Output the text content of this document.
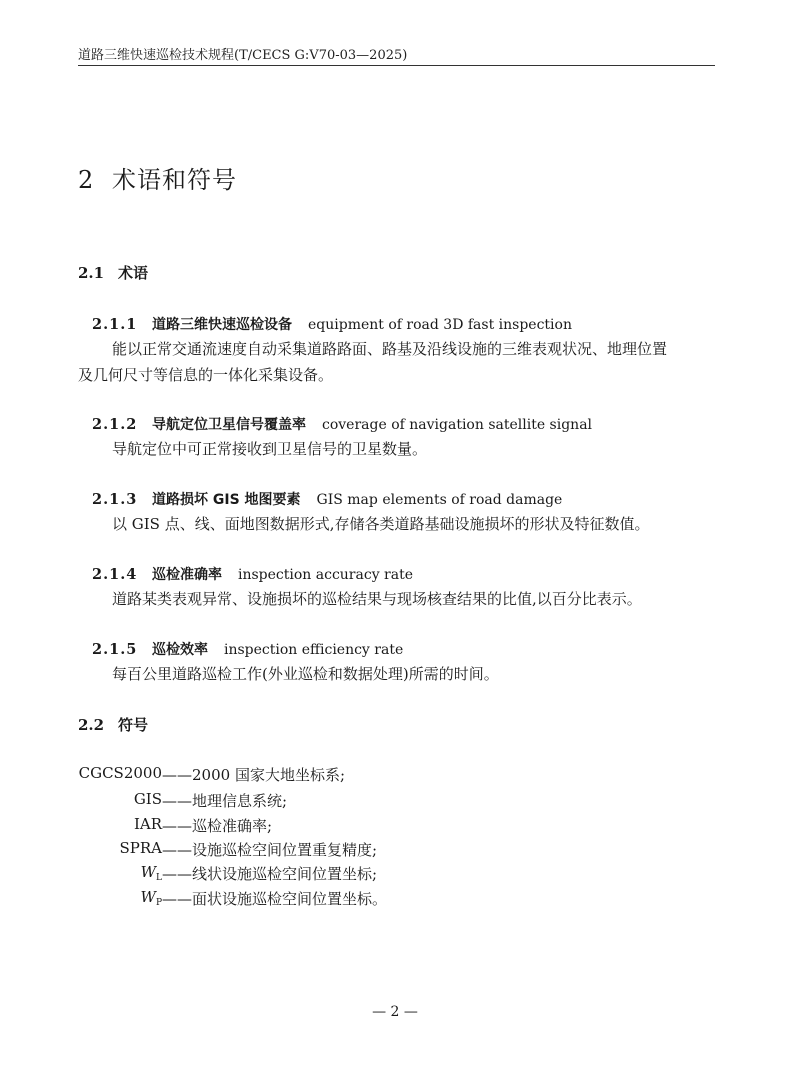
道路三维快速巡检技术规程(T/CECS G:V70-03—2025)
2 术语和符号
2.1 术语
2.1.1 道路三维快速巡检设备 equipment of road 3D fast inspection
能以正常交通流速度自动采集道路路面、路基及沿线设施的三维表观状况、地理位置
及几何尺寸等信息的一体化采集设备。
2.1.2 导航定位卫星信号覆盖率 coverage of navigation satellite signal
导航定位中可正常接收到卫星信号的卫星数量。
2.1.3 道路损坏 GIS 地图要素 GIS map elements of road damage
以 GIS 点、线、面地图数据形式,存储各类道路基础设施损坏的形状及特征数值。
2.1.4 巡检准确率 inspection accuracy rate
道路某类表观异常、设施损坏的巡检结果与现场核查结果的比值,以百分比表示。
2.1.5 巡检效率 inspection efficiency rate
每百公里道路巡检工作(外业巡检和数据处理)所需的时间。
2.2 符号
CGCS2000 ——2000 国家大地坐标系;
GIS ——地理信息系统;
IAR ——巡检准确率;
SPRA ——设施巡检空间位置重复精度;
$W_L$ ——线状设施巡检空间位置坐标;
$W_P$ ——面状设施巡检空间位置坐标。
— 2 —
